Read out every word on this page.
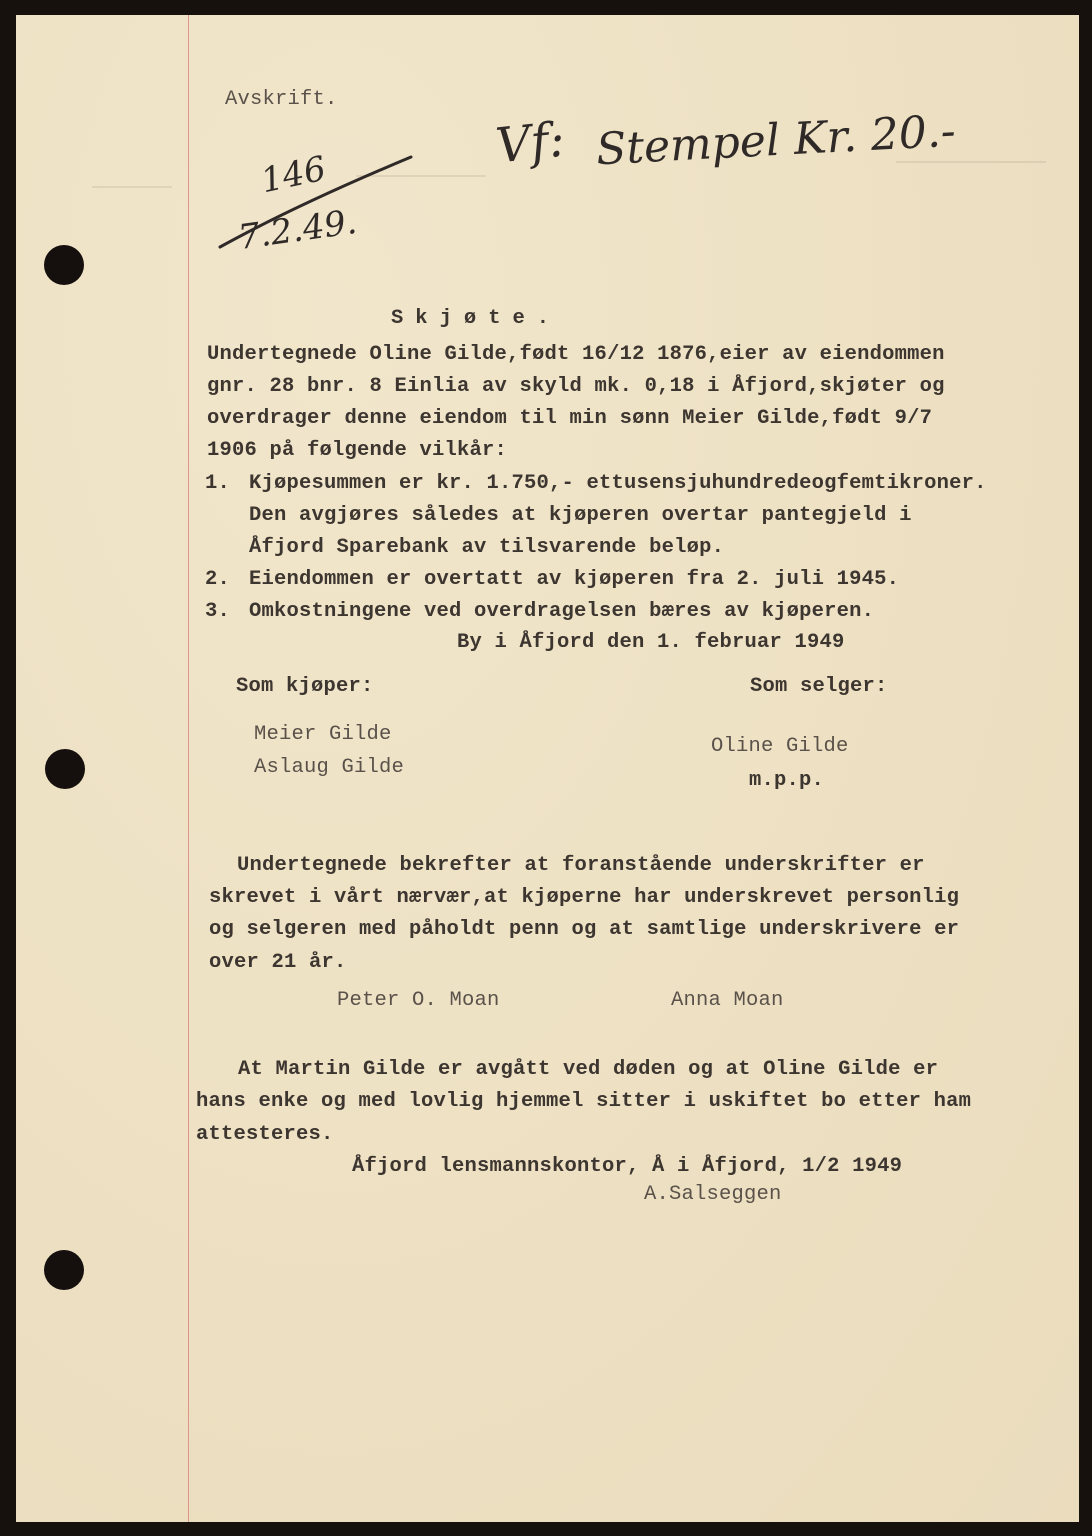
Avskrift.
146
7.2.49.
Vf: Stempel Kr. 20.-
Skjøte.
Undertegnede Oline Gilde,født 16/12 1876,eier av eiendommen
gnr. 28 bnr. 8 Einlia av skyld mk. 0,18 i Åfjord,skjøter og
overdrager denne eiendom til min sønn Meier Gilde,født 9/7
1906 på følgende vilkår:
1. Kjøpesummen er kr. 1.750,- ettusensjuhundredeogfemtikroner.
Den avgjøres således at kjøperen overtar pantegjeld i
Åfjord Sparebank av tilsvarende beløp.
2. Eiendommen er overtatt av kjøperen fra 2. juli 1945.
3. Omkostningene ved overdragelsen bæres av kjøperen.
By i Åfjord den 1. februar 1949
Som kjøper:	Som selger:
Meier Gilde
Aslaug Gilde
Oline Gilde
m.p.p.
Undertegnede bekrefter at foranstående underskrifter er
skrevet i vårt nærvær,at kjøperne har underskrevet personlig
og selgeren med påholdt penn og at samtlige underskrivere er
over 21 år.
Peter O. Moan	Anna Moan
At Martin Gilde er avgått ved døden og at Oline Gilde er
hans enke og med lovlig hjemmel sitter i uskiftet bo etter ham
attesteres.
Åfjord lensmannskontor, Å i Åfjord, 1/2 1949
A.Salseggen
